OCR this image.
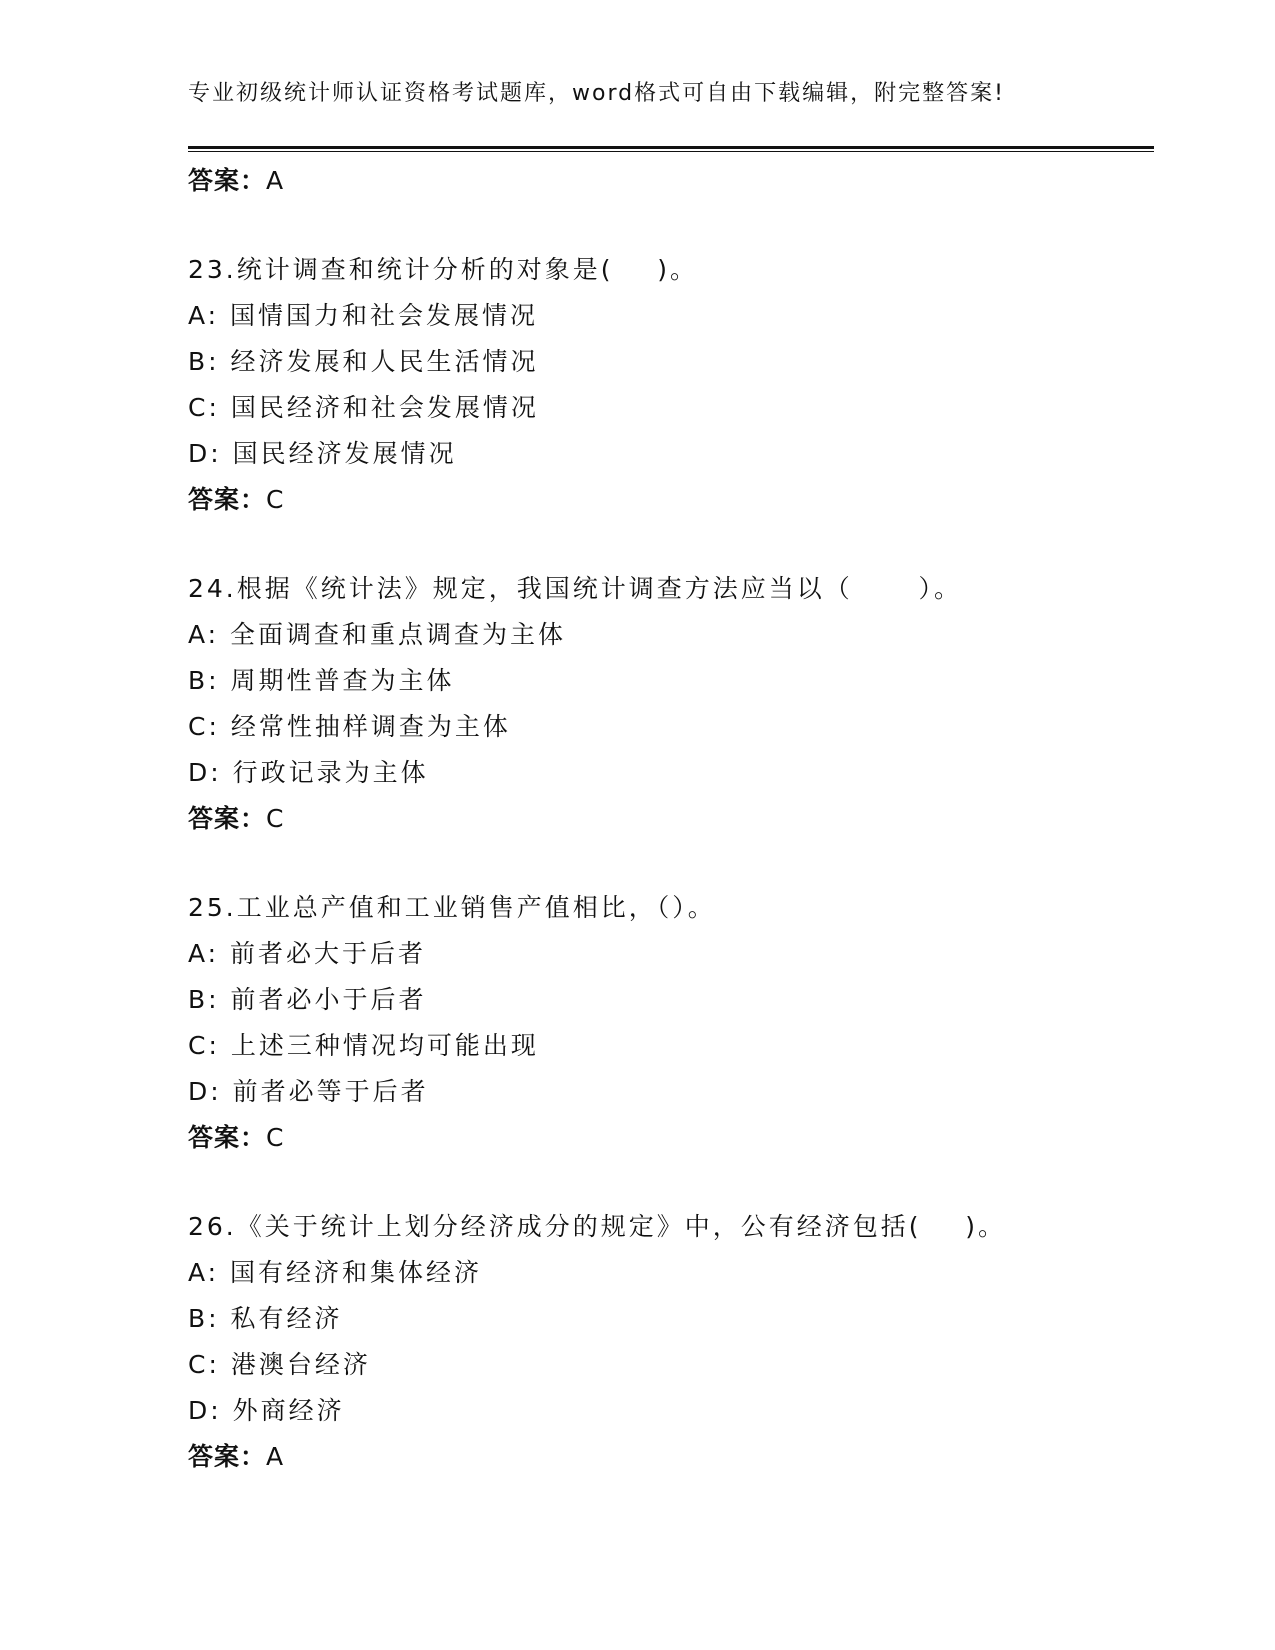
专业初级统计师认证资格考试题库，word格式可自由下载编辑，附完整答案!
答案：A
23.统计调查和统计分析的对象是(    )。
A: 国情国力和社会发展情况
B: 经济发展和人民生活情况
C: 国民经济和社会发展情况
D: 国民经济发展情况
答案：C
24.根据《统计法》规定，我国统计调查方法应当以（      ）。
A: 全面调查和重点调查为主体
B: 周期性普查为主体
C: 经常性抽样调查为主体
D: 行政记录为主体
答案：C
25.工业总产值和工业销售产值相比，（）。
A: 前者必大于后者
B: 前者必小于后者
C: 上述三种情况均可能出现
D: 前者必等于后者
答案：C
26.《关于统计上划分经济成分的规定》中，公有经济包括(    )。
A: 国有经济和集体经济
B: 私有经济
C: 港澳台经济
D: 外商经济
答案：A
